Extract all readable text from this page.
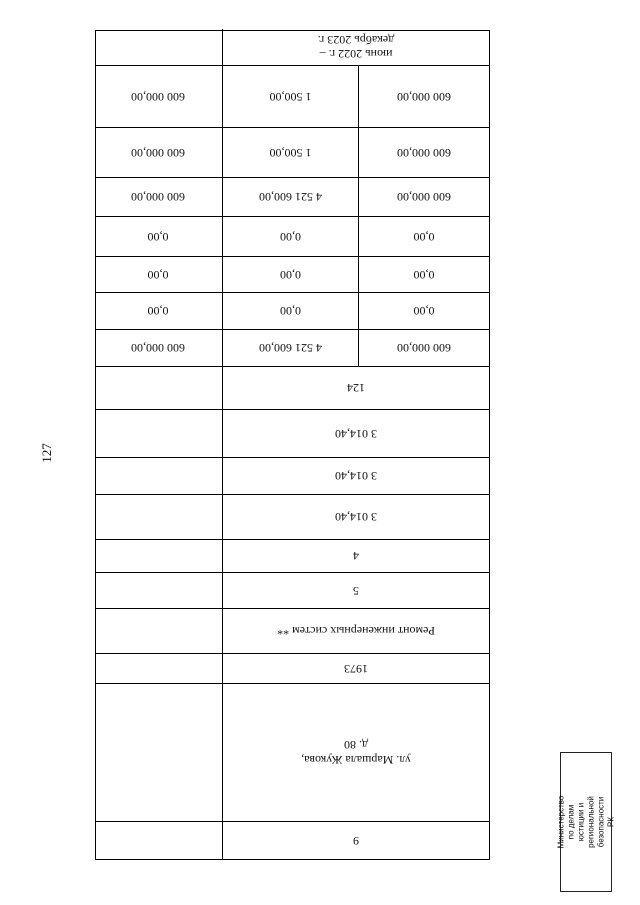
127
9
ул. Маршала Жукова,
д. 80
1973
Ремонт инженерных систем **
5
4
3 014,40
3 014,40
3 014,40
124
600 000,00
4 521 600,00
600 000,00
0,00
0,00
0,00
0,00
0,00
0,00
0,00
0,00
0,00
600 000,00
4 521 600,00
600 000,00
600 000,00
1 500,00
600 000,00
600 000,00
1 500,00
600 000,00
июнь 2022 г. –
декабрь 2023 г.
Министерство по делам
юстиции и региональной
безопасности РК
